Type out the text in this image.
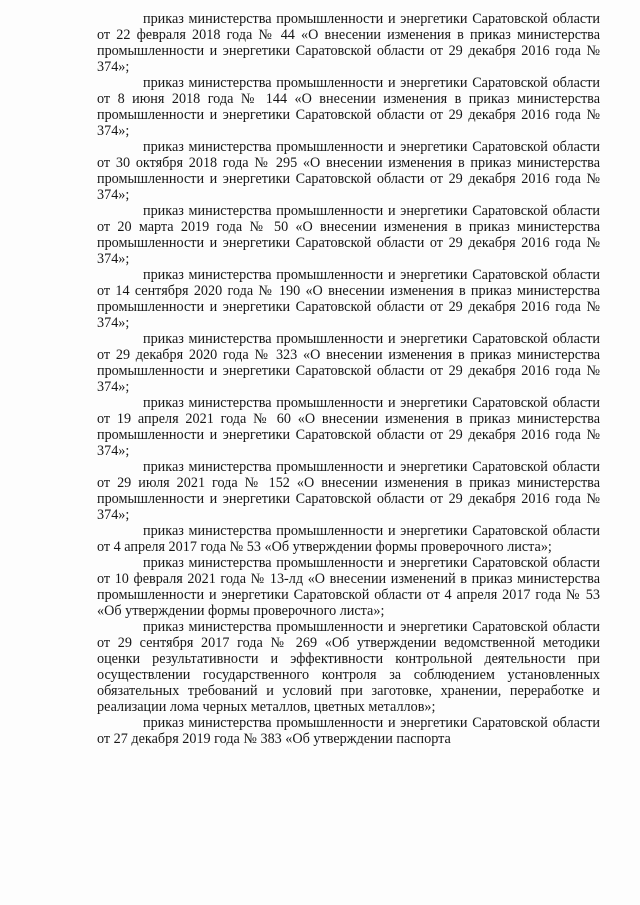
приказ министерства промышленности и энергетики Саратовской области от 22 февраля 2018 года № 44 «О внесении изменения в приказ министерства промышленности и энергетики Саратовской области от 29 декабря 2016 года № 374»;

приказ министерства промышленности и энергетики Саратовской области от 8 июня 2018 года № 144 «О внесении изменения в приказ министерства промышленности и энергетики Саратовской области от 29 декабря 2016 года № 374»;

приказ министерства промышленности и энергетики Саратовской области от 30 октября 2018 года № 295 «О внесении изменения в приказ министерства промышленности и энергетики Сaратовской области от 29 декабря 2016 года № 374»;

приказ министерства промышленности и энергетики Саратовской области от 20 марта 2019 года № 50 «О внесении изменения в приказ министерства промышленности и энергетики Саратовской области от 29 декабря 2016 года № 374»;

приказ министерства промышленности и энергетики Саратовской области от 14 сентября 2020 года № 190 «О внесении изменения в приказ министерства промышленности и энергетики Саратовской области от 29 декабря 2016 года № 374»;

приказ министерства промышленности и энергетики Саратовской области от 29 декабря 2020 года № 323 «О внесении изменения в приказ министерства промышленности и энергетики Саратовской области от 29 декабря 2016 года № 374»;

приказ министерства промышленности и энергетики Саратовской области от 19 апреля 2021 года № 60 «О внесении изменения в приказ министерства промышленности и энергетики Саратовской области от 29 декабря 2016 года № 374»;

приказ министерства промышленности и энергетики Саратовской области от 29 июля 2021 года № 152 «О внесении изменения в приказ министерства промышленности и энергетики Саратовской области от 29 декабря 2016 года № 374»;

приказ министерства промышленности и энергетики Саратовской области от 4 апреля 2017 года № 53 «Об утверждении формы проверочного листа»;

приказ министерства промышленности и энергетики Саратовской области от 10 февраля 2021 года № 13-лд «О внесении изменений в приказ министерства промышленности и энергетики Саратовской области от 4 апреля 2017 года № 53 «Об утверждении формы проверочного листа»;

приказ министерства промышленности и энергетики Саратовской области от 29 сентября 2017 года № 269 «Об утверждении ведомственной методики оценки результативности и эффективности контрольной деятельности при осуществлении государственного контроля за соблюдением установленных обязательных требований и условий при заготовке, хранении, переработке и реализации лома черных металлов, цветных металлов»;

приказ министерства промышленности и энергетики Саратовской области от 27 декабря 2019 года № 383 «Об утверждении паспорта
